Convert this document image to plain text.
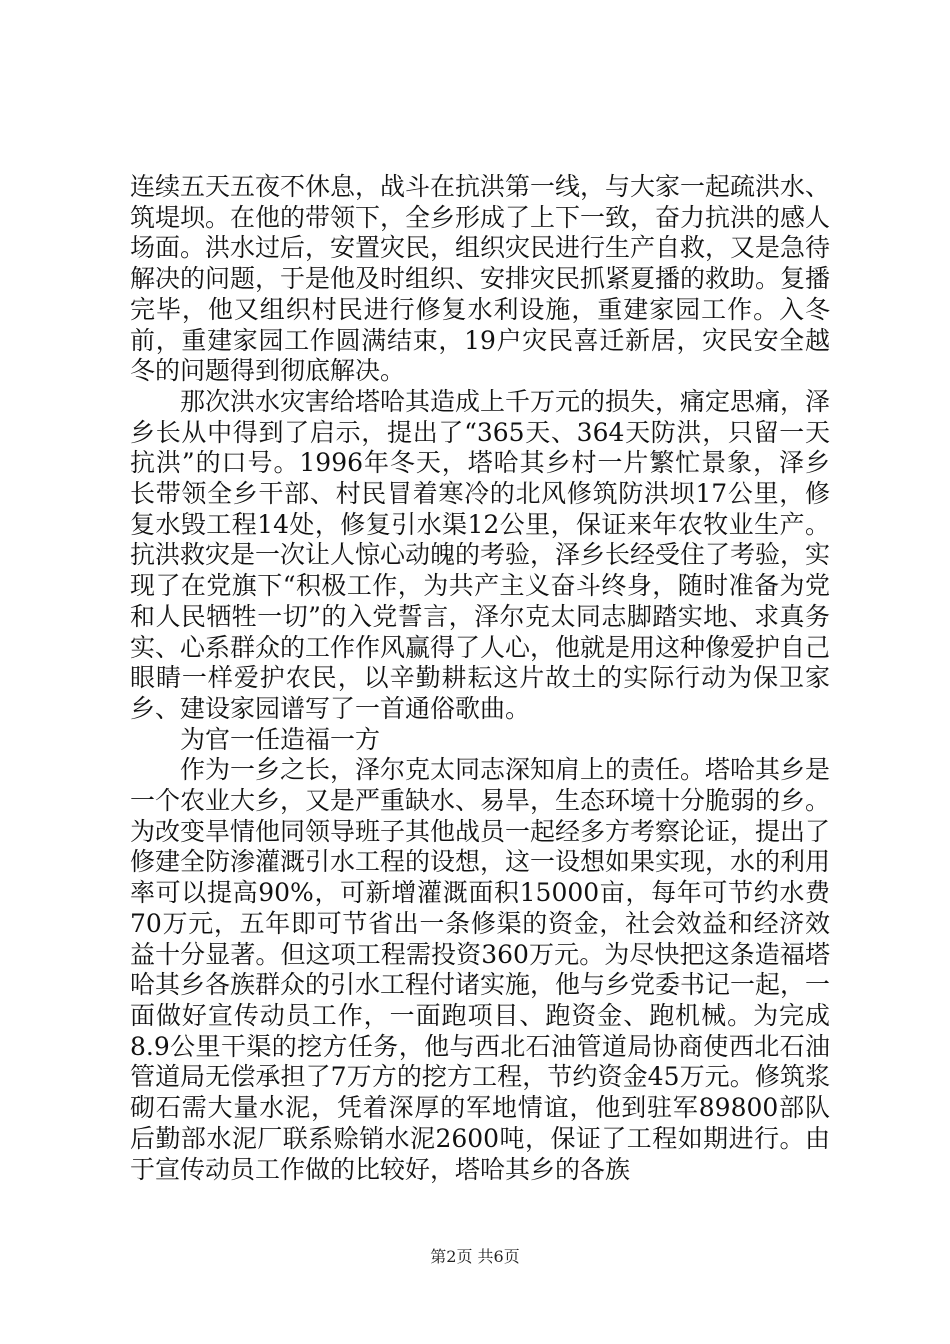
连续五天五夜不休息，战斗在抗洪第一线，与大家一起疏洪水、筑堤坝。在他的带领下，全乡形成了上下一致，奋力抗洪的感人场面。洪水过后，安置灾民，组织灾民进行生产自救，又是急待解决的问题，于是他及时组织、安排灾民抓紧夏播的救助。复播完毕，他又组织村民进行修复水利设施，重建家园工作。入冬前，重建家园工作圆满结束，19户灾民喜迁新居，灾民安全越冬的问题得到彻底解决。

那次洪水灾害给塔哈其造成上千万元的损失，痛定思痛，泽乡长从中得到了启示，提出了“365天、364天防洪，只留一天抗洪”的口号。1996年冬天，塔哈其乡村一片繁忙景象，泽乡长带领全乡干部、村民冒着寒冷的北风修筑防洪坝17公里，修复水毁工程14处，修复引水渠12公里，保证来年农牧业生产。抗洪救灾是一次让人惊心动魄的考验，泽乡长经受住了考验，实现了在党旗下“积极工作，为共产主义奋斗终身，随时准备为党和人民牺牲一切”的入党誓言，泽尔克太同志脚踏实地、求真务实、心系群众的工作作风赢得了人心，他就是用这种像爱护自己眼睛一样爱护农民，以辛勤耕耘这片故土的实际行动为保卫家乡、建设家园谱写了一首通俗歌曲。

为官一任造福一方

作为一乡之长，泽尔克太同志深知肩上的责任。塔哈其乡是一个农业大乡，又是严重缺水、易旱，生态环境十分脆弱的乡。为改变旱情他同领导班子其他战员一起经多方考察论证，提出了修建全防渗灌溉引水工程的设想，这一设想如果实现，水的利用率可以提高90%，可新增灌溉面积15000亩，每年可节约水费70万元，五年即可节省出一条修渠的资金，社会效益和经济效益十分显著。但这项工程需投资360万元。为尽快把这条造福塔哈其乡各族群众的引水工程付诸实施，他与乡党委书记一起，一面做好宣传动员工作，一面跑项目、跑资金、跑机械。为完成8.9公里干渠的挖方任务，他与西北石油管道局协商使西北石油管道局无偿承担了7万方的挖方工程，节约资金45万元。修筑浆砌石需大量水泥，凭着深厚的军地情谊，他到驻军89800部队后勤部水泥厂联系赊销水泥2600吨，保证了工程如期进行。由于宣传动员工作做的比较好，塔哈其乡的各族

第2页 共6页
